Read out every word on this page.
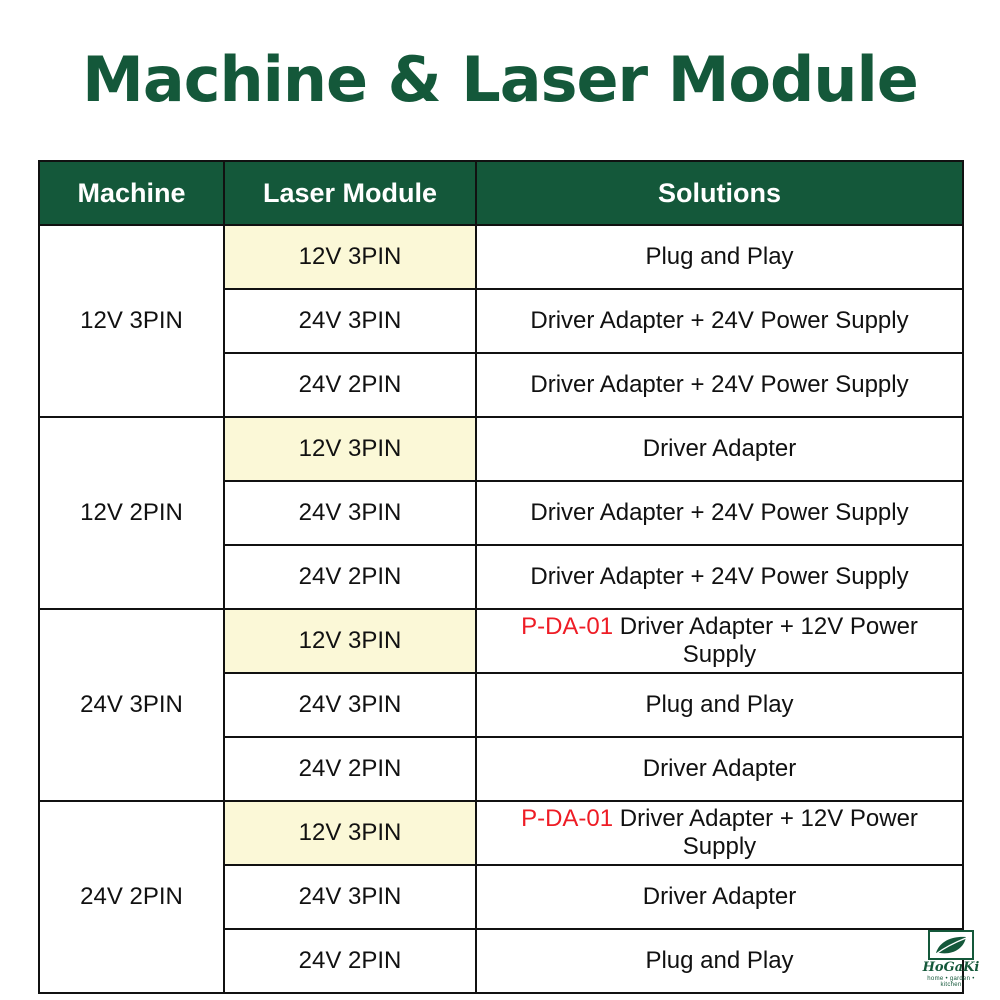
Machine & Laser Module
Machine	Laser Module	Solutions
12V 3PIN	12V 3PIN	Plug and Play
	24V 3PIN	Driver Adapter + 24V Power Supply
	24V 2PIN	Driver Adapter + 24V Power Supply
12V 2PIN	12V 3PIN	Driver Adapter
	24V 3PIN	Driver Adapter + 24V Power Supply
	24V 2PIN	Driver Adapter + 24V Power Supply
24V 3PIN	12V 3PIN	P-DA-01 Driver Adapter + 12V Power Supply
	24V 3PIN	Plug and Play
	24V 2PIN	Driver Adapter
24V 2PIN	12V 3PIN	P-DA-01 Driver Adapter + 12V Power Supply
	24V 3PIN	Driver Adapter
	24V 2PIN	Plug and Play	HoGaKi
home • garden • kitchen
